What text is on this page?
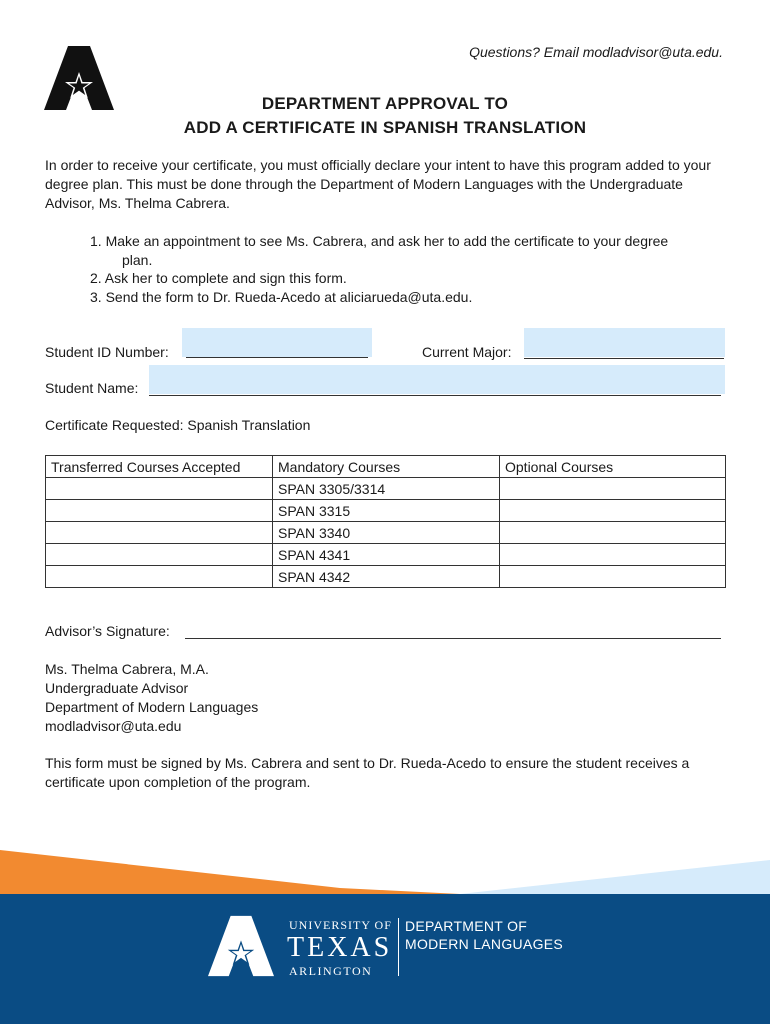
Questions? Email modladvisor@uta.edu.
DEPARTMENT APPROVAL TO
ADD A CERTIFICATE IN SPANISH TRANSLATION
In order to receive your certificate, you must officially declare your intent to have this program added to your degree plan. This must be done through the Department of Modern Languages with the Undergraduate Advisor, Ms. Thelma Cabrera.
1. Make an appointment to see Ms. Cabrera, and ask her to add the certificate to your degree
plan.
2. Ask her to complete and sign this form.
3. Send the form to Dr. Rueda-Acedo at aliciarueda@uta.edu.
Student ID Number:	Current Major:
Student Name:
Certificate Requested: Spanish Translation
Transferred Courses Accepted	Mandatory Courses	Optional Courses
	SPAN 3305/3314	
	SPAN 3315	
	SPAN 3340	
	SPAN 4341	
	SPAN 4342	
Advisor’s Signature:
Ms. Thelma Cabrera, M.A.
Undergraduate Advisor
Department of Modern Languages
modladvisor@uta.edu
This form must be signed by Ms. Cabrera and sent to Dr. Rueda-Acedo to ensure the student receives a certificate upon completion of the program.
UNIVERSITY OF
TEXAS
ARLINGTON
DEPARTMENT OF
MODERN LANGUAGES
